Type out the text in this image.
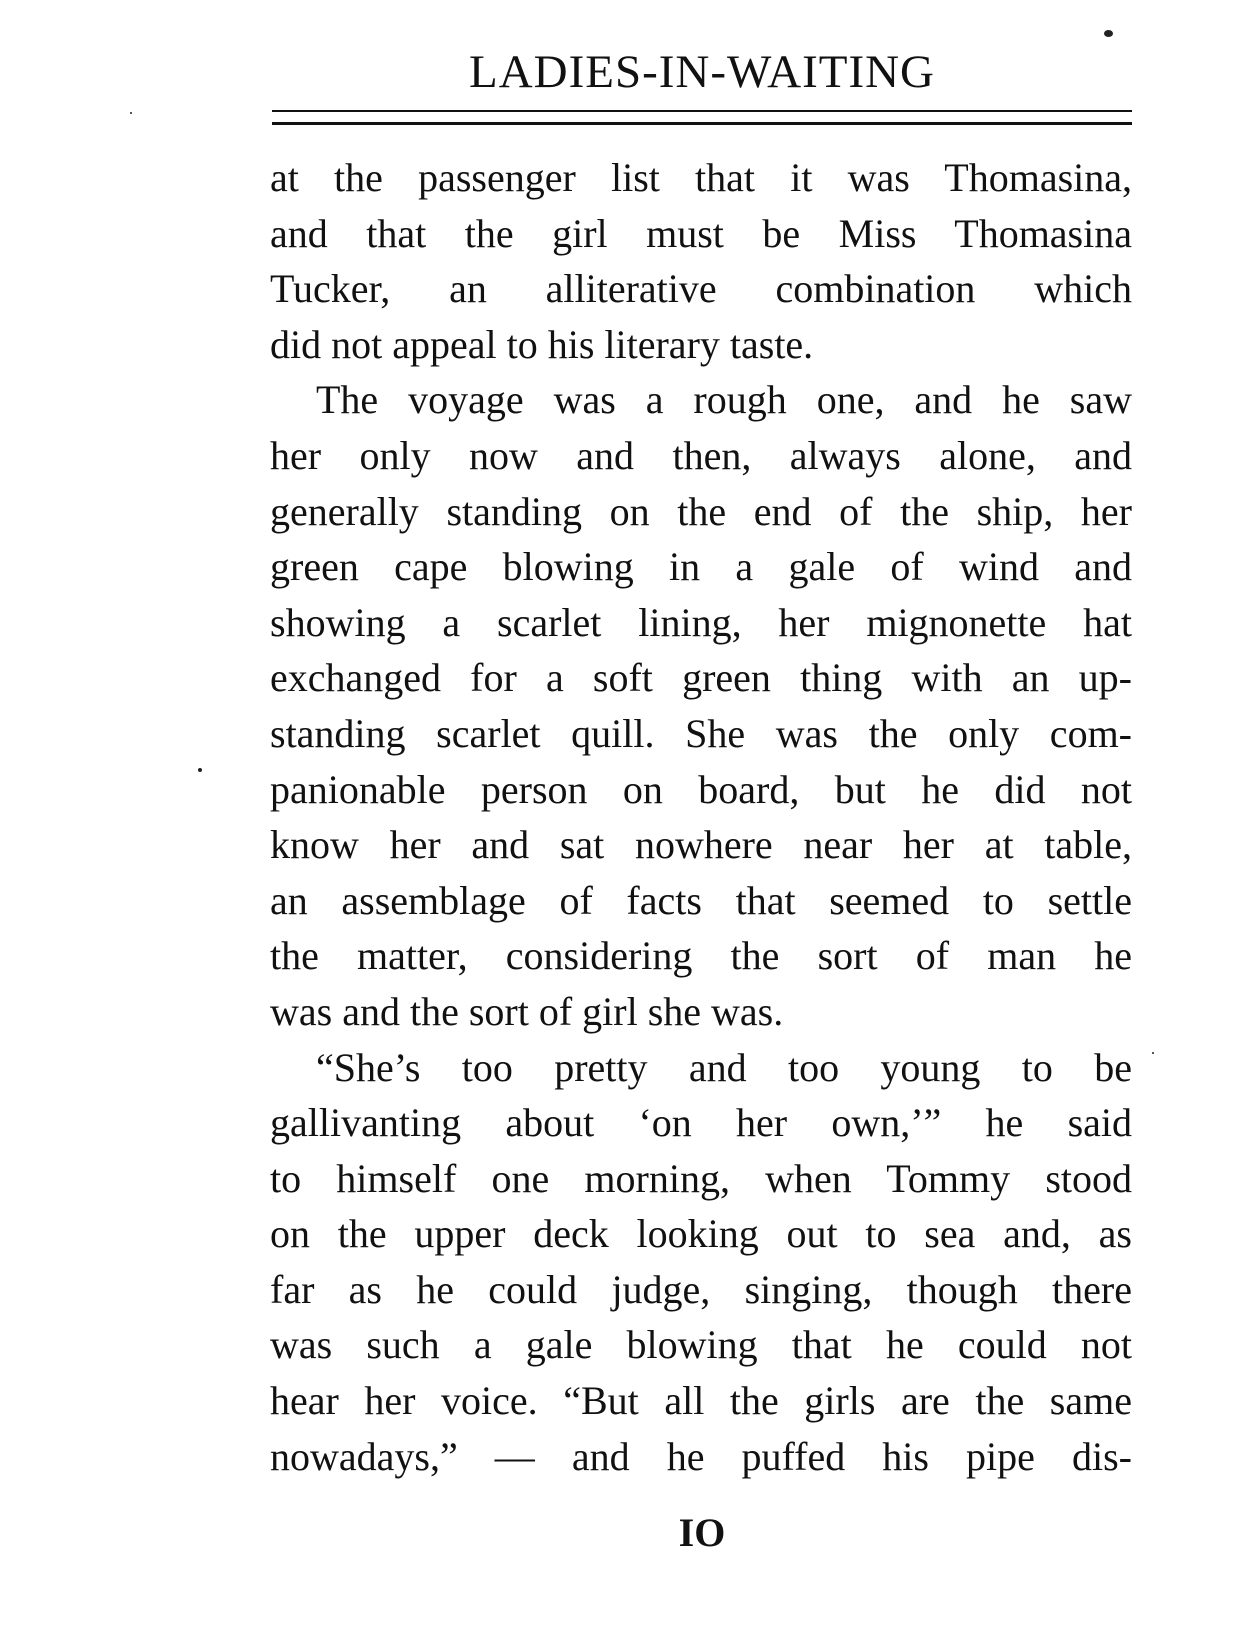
LADIES-IN-WAITING
at the passenger list that it was Thomasina,
and that the girl must be Miss Thomasina
Tucker, an alliterative combination which
did not appeal to his literary taste.
The voyage was a rough one, and he saw
her only now and then, always alone, and
generally standing on the end of the ship, her
green cape blowing in a gale of wind and
showing a scarlet lining, her mignonette hat
exchanged for a soft green thing with an up-
standing scarlet quill. She was the only com-
panionable person on board, but he did not
know her and sat nowhere near her at table,
an assemblage of facts that seemed to settle
the matter, considering the sort of man he
was and the sort of girl she was.
“She’s too pretty and too young to be
gallivanting about ‘on her own,’” he said
to himself one morning, when Tommy stood
on the upper deck looking out to sea and, as
far as he could judge, singing, though there
was such a gale blowing that he could not
hear her voice. “But all the girls are the same
nowadays,” — and he puffed his pipe dis-
IO
